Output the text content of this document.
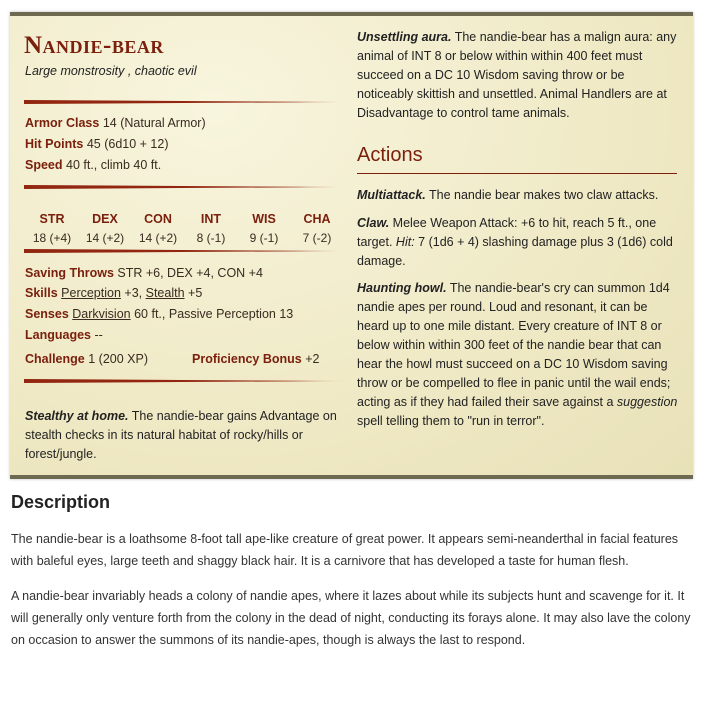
Nandie-bear
Large monstrosity , chaotic evil
Armor Class 14 (Natural Armor)
Hit Points 45 (6d10 + 12)
Speed 40 ft., climb 40 ft.
STR
18 (+4)
DEX
14 (+2)
CON
14 (+2)
INT
8 (-1)
WIS
9 (-1)
CHA
7 (-2)
Saving Throws STR +6, DEX +4, CON +4
Skills Perception +3, Stealth +5
Senses Darkvision 60 ft., Passive Perception 13
Languages --
Challenge 1 (200 XP)	Proficiency Bonus +2
Stealthy at home. The nandie-bear gains Advantage on stealth checks in its natural habitat of rocky/hills or forest/jungle.
Unsettling aura. The nandie-bear has a malign aura: any animal of INT 8 or below within within 400 feet must succeed on a DC 10 Wisdom saving throw or be noticeably skittish and unsettled. Animal Handlers are at Disadvantage to control tame animals.
Actions
Multiattack. The nandie bear makes two claw attacks.
Claw. Melee Weapon Attack: +6 to hit, reach 5 ft., one target. Hit: 7 (1d6 + 4) slashing damage plus 3 (1d6) cold damage.
Haunting howl. The nandie-bear's cry can summon 1d4 nandie apes per round. Loud and resonant, it can be heard up to one mile distant. Every creature of INT 8 or below within within 300 feet of the nandie bear that can hear the howl must succeed on a DC 10 Wisdom saving throw or be compelled to flee in panic until the wail ends; acting as if they had failed their save against a suggestion spell telling them to "run in terror".
Description
The nandie-bear is a loathsome 8-foot tall ape-like creature of great power. It appears semi-neanderthal in facial features with baleful eyes, large teeth and shaggy black hair. It is a carnivore that has developed a taste for human flesh.
A nandie-bear invariably heads a colony of nandie apes, where it lazes about while its subjects hunt and scavenge for it. It will generally only venture forth from the colony in the dead of night, conducting its forays alone. It may also lave the colony on occasion to answer the summons of its nandie-apes, though is always the last to respond.
